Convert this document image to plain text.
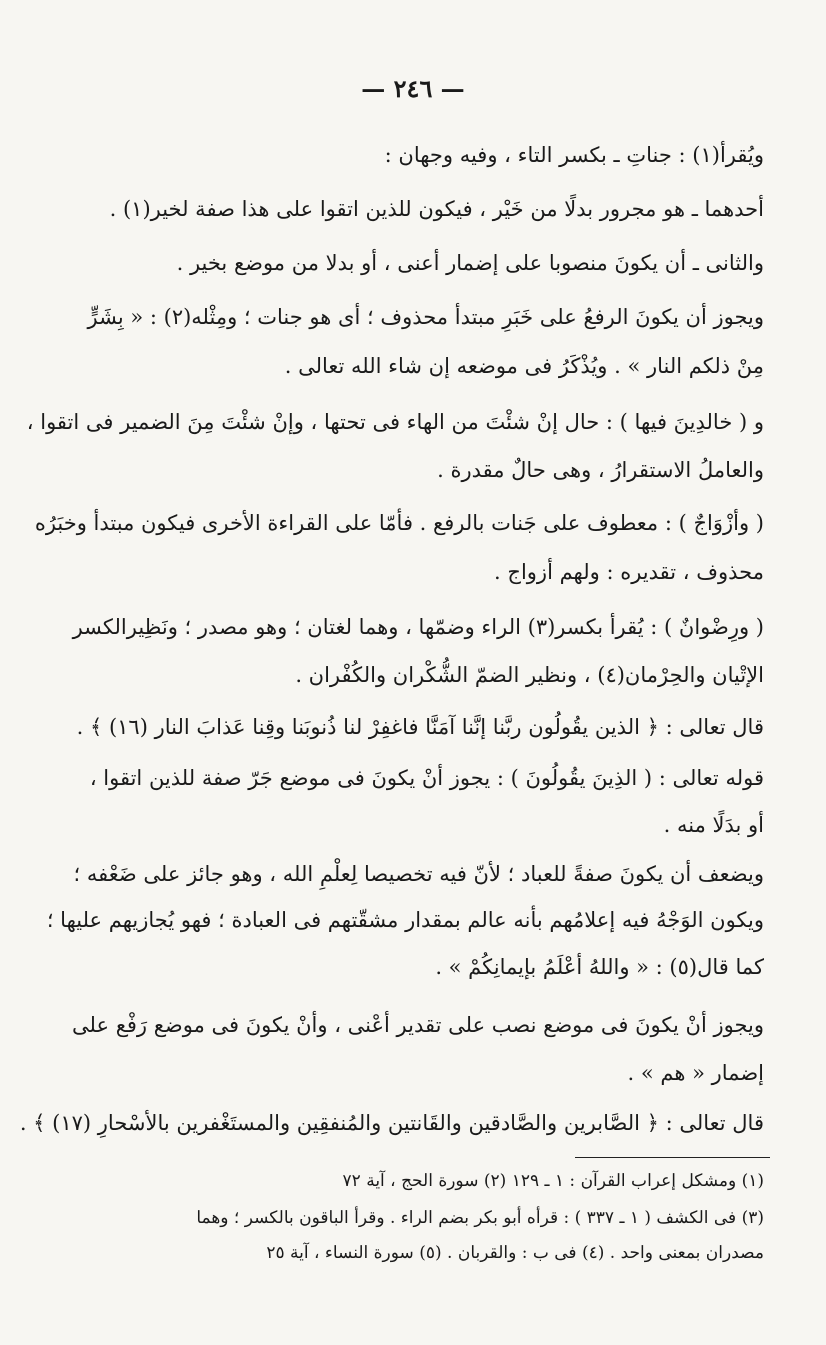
— ٢٤٦ —
ويُقرأ(١) : جناتِ ـ بكسر التاء ، وفيه وجهان :
أحدهما ـ هو مجرور بدلًا من خَيْر ، فيكون للذين اتقوا على هذا صفة لخير(١) .
والثانى ـ أن يكونَ منصوبا على إضمار أعنى ، أو بدلا من موضع بخير .
ويجوز أن يكونَ الرفعُ على خَبَرِ مبتدأ محذوف ؛ أى هو جنات ؛ ومِثْله(٢) : « بِشَرٍّ
مِنْ ذلكم النار » . ويُذْكَرُ فى موضعه إن شاء الله تعالى .
و ( خالدِينَ فيها ) : حال إنْ شئْتَ من الهاء فى تحتها ، وإنْ شئْتَ مِنَ الضمير فى اتقوا ،
والعاملُ الاستقرارُ ، وهى حالٌ مقدرة .
( وأزْوَاجٌ ) : معطوف على جَنات بالرفع . فأمّا على القراءة الأخرى فيكون مبتدأ وخبَرُه
محذوف ، تقديره : ولهم أزواج .
( ورِضْوانٌ ) : يُقرأ بكسر(٣) الراء وضمّها ، وهما لغتان ؛ وهو مصدر ؛ ونَظِيرالكسر
الإتْيان والحِرْمان(٤) ، ونظير الضمّ الشُّكْران والكُفْران .
قال تعالى : ﴿ الذين يقُولُون ربَّنا إنَّنا آمَنَّا فاغفِرْ لنا ذُنوبَنا وقِنا عَذابَ النار (١٦) ﴾ .
قوله تعالى : ( الذِينَ يقُولُونَ ) : يجوز أنْ يكونَ فى موضع جَرّ صفة للذين اتقوا ،
أو بدَلًا منه .
ويضعف أن يكونَ صفةً للعباد ؛ لأنّ فيه تخصيصا لِعلْمِ الله ، وهو جائز على ضَعْفه ؛
ويكون الوَجْهُ فيه إعلامُهم بأنه عالم بمقدار مشقّتهم فى العبادة ؛ فهو يُجازيهم عليها ؛
كما قال(٥) : « واللهُ أعْلَمُ بإيمانِكُمْ » .
ويجوز أنْ يكونَ فى موضع نصب على تقدير أعْنى ، وأنْ يكونَ فى موضع رَفْع على
إضمار « هم » .
قال تعالى : ﴿ الصَّابرين والصَّادقين والقَانتين والمُنفقِين والمستَغْفرين بالأسْحارِ (١٧) ﴾ .
(١) ومشكل إعراب القرآن : ١ ـ ١٢٩ (٢) سورة الحج ، آية ٧٢
(٣) فى الكشف ( ١ ـ ٣٣٧ ) : قرأه أبو بكر بضم الراء . وقرأ الباقون بالكسر ؛ وهما
مصدران بمعنى واحد . (٤) فى ب : والقربان . (٥) سورة النساء ، آية ٢٥
